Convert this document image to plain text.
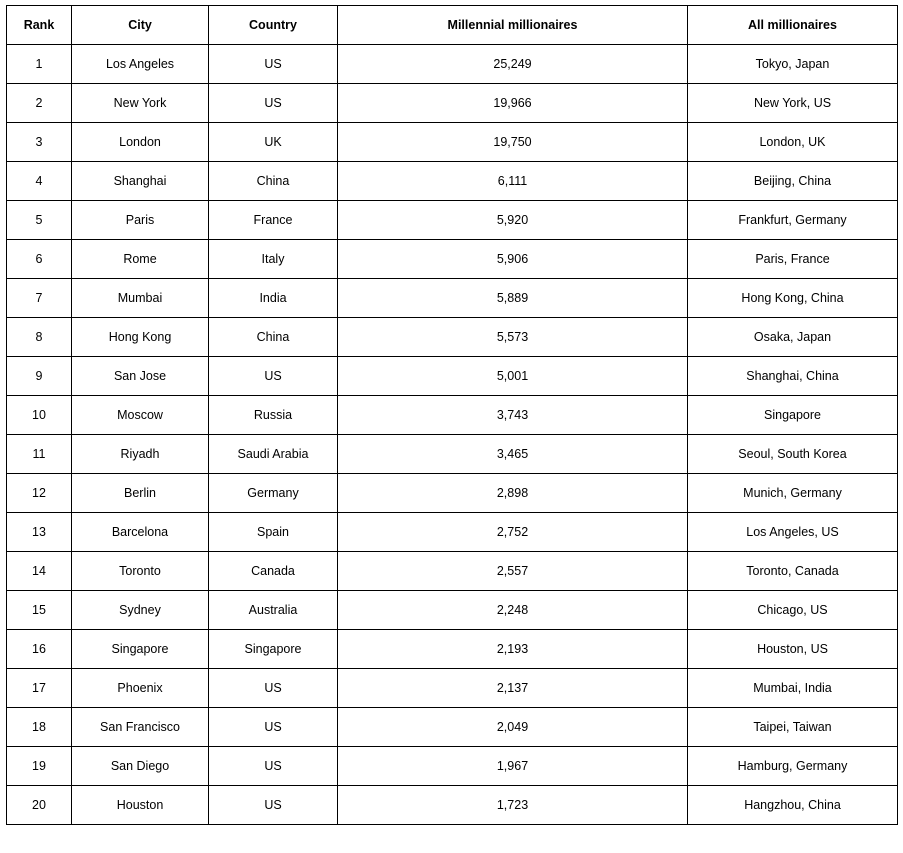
Rank	City	Country	Millennial millionaires	All millionaires
1	Los Angeles	US	25,249	Tokyo, Japan
2	New York	US	19,966	New York, US
3	London	UK	19,750	London, UK
4	Shanghai	China	6,111	Beijing, China
5	Paris	France	5,920	Frankfurt, Germany
6	Rome	Italy	5,906	Paris, France
7	Mumbai	India	5,889	Hong Kong, China
8	Hong Kong	China	5,573	Osaka, Japan
9	San Jose	US	5,001	Shanghai, China
10	Moscow	Russia	3,743	Singapore
11	Riyadh	Saudi Arabia	3,465	Seoul, South Korea
12	Berlin	Germany	2,898	Munich, Germany
13	Barcelona	Spain	2,752	Los Angeles, US
14	Toronto	Canada	2,557	Toronto, Canada
15	Sydney	Australia	2,248	Chicago, US
16	Singapore	Singapore	2,193	Houston, US
17	Phoenix	US	2,137	Mumbai, India
18	San Francisco	US	2,049	Taipei, Taiwan
19	San Diego	US	1,967	Hamburg, Germany
20	Houston	US	1,723	Hangzhou, China
